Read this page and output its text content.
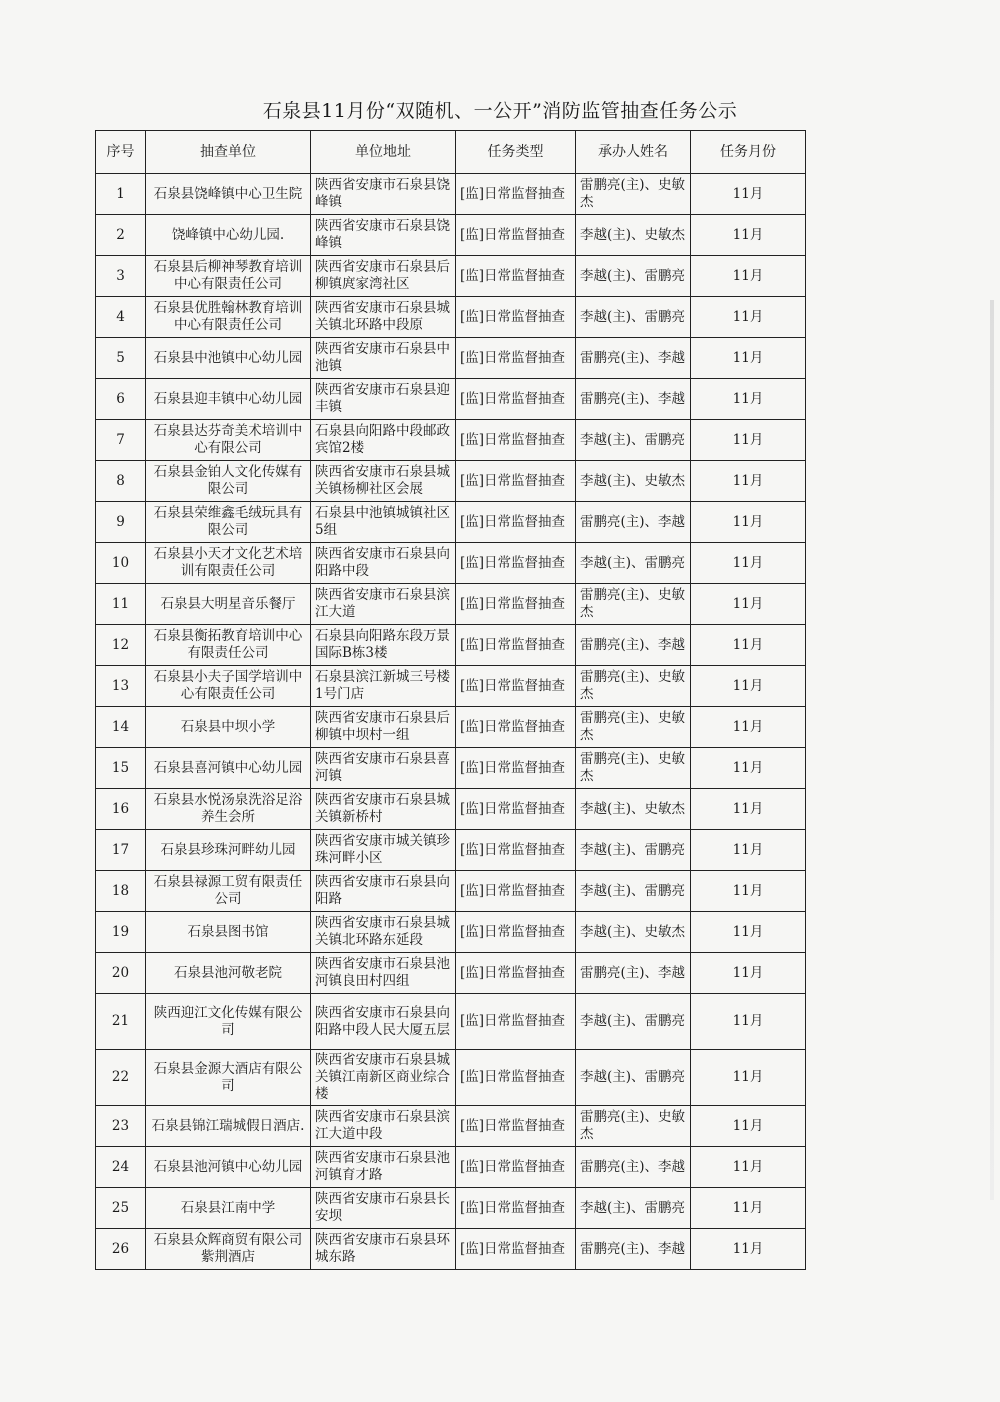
石泉县11月份“双随机、一公开”消防监管抽查任务公示
序号	抽查单位	单位地址	任务类型	承办人姓名	任务月份
1	石泉县饶峰镇中心卫生院	陕西省安康市石泉县饶峰镇	[监]日常监督抽查	雷鹏亮(主)、史敏杰	11月
2	饶峰镇中心幼儿园.	陕西省安康市石泉县饶峰镇	[监]日常监督抽查	李越(主)、史敏杰	11月
3	石泉县后柳神琴教育培训中心有限责任公司	陕西省安康市石泉县后柳镇庹家湾社区	[监]日常监督抽查	李越(主)、雷鹏亮	11月
4	石泉县优胜翰林教育培训中心有限责任公司	陕西省安康市石泉县城关镇北环路中段原	[监]日常监督抽查	李越(主)、雷鹏亮	11月
5	石泉县中池镇中心幼儿园	陕西省安康市石泉县中池镇	[监]日常监督抽查	雷鹏亮(主)、李越	11月
6	石泉县迎丰镇中心幼儿园	陕西省安康市石泉县迎丰镇	[监]日常监督抽查	雷鹏亮(主)、李越	11月
7	石泉县达芬奇美术培训中心有限公司	石泉县向阳路中段邮政宾馆2楼	[监]日常监督抽查	李越(主)、雷鹏亮	11月
8	石泉县金铂人文化传媒有限公司	陕西省安康市石泉县城关镇杨柳社区会展	[监]日常监督抽查	李越(主)、史敏杰	11月
9	石泉县荣维鑫毛绒玩具有限公司	石泉县中池镇城镇社区5组	[监]日常监督抽查	雷鹏亮(主)、李越	11月
10	石泉县小天才文化艺术培训有限责任公司	陕西省安康市石泉县向阳路中段	[监]日常监督抽查	李越(主)、雷鹏亮	11月
11	石泉县大明星音乐餐厅	陕西省安康市石泉县滨江大道	[监]日常监督抽查	雷鹏亮(主)、史敏杰	11月
12	石泉县衡拓教育培训中心有限责任公司	石泉县向阳路东段万景国际B栋3楼	[监]日常监督抽查	雷鹏亮(主)、李越	11月
13	石泉县小夫子国学培训中心有限责任公司	石泉县滨江新城三号楼1号门店	[监]日常监督抽查	雷鹏亮(主)、史敏杰	11月
14	石泉县中坝小学	陕西省安康市石泉县后柳镇中坝村一组	[监]日常监督抽查	雷鹏亮(主)、史敏杰	11月
15	石泉县喜河镇中心幼儿园	陕西省安康市石泉县喜河镇	[监]日常监督抽查	雷鹏亮(主)、史敏杰	11月
16	石泉县水悦汤泉洗浴足浴养生会所	陕西省安康市石泉县城关镇新桥村	[监]日常监督抽查	李越(主)、史敏杰	11月
17	石泉县珍珠河畔幼儿园	陕西省安康市城关镇珍珠河畔小区	[监]日常监督抽查	李越(主)、雷鹏亮	11月
18	石泉县禄源工贸有限责任公司	陕西省安康市石泉县向阳路	[监]日常监督抽查	李越(主)、雷鹏亮	11月
19	石泉县图书馆	陕西省安康市石泉县城关镇北环路东延段	[监]日常监督抽查	李越(主)、史敏杰	11月
20	石泉县池河敬老院	陕西省安康市石泉县池河镇良田村四组	[监]日常监督抽查	雷鹏亮(主)、李越	11月
21	陕西迎江文化传媒有限公司	陕西省安康市石泉县向阳路中段人民大厦五层	[监]日常监督抽查	李越(主)、雷鹏亮	11月
22	石泉县金源大酒店有限公司	陕西省安康市石泉县城关镇江南新区商业综合楼	[监]日常监督抽查	李越(主)、雷鹏亮	11月
23	石泉县锦江瑞城假日酒店.	陕西省安康市石泉县滨江大道中段	[监]日常监督抽查	雷鹏亮(主)、史敏杰	11月
24	石泉县池河镇中心幼儿园	陕西省安康市石泉县池河镇育才路	[监]日常监督抽查	雷鹏亮(主)、李越	11月
25	石泉县江南中学	陕西省安康市石泉县长安坝	[监]日常监督抽查	李越(主)、雷鹏亮	11月
26	石泉县众辉商贸有限公司紫荆酒店	陕西省安康市石泉县环城东路	[监]日常监督抽查	雷鹏亮(主)、李越	11月
